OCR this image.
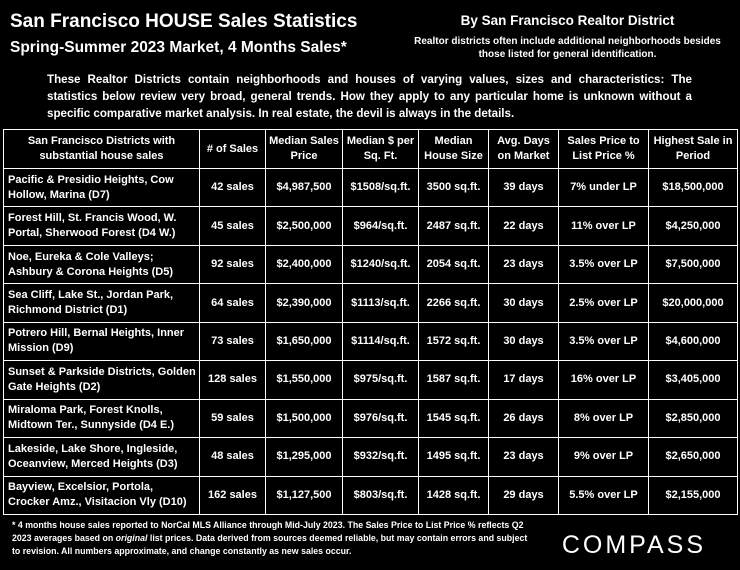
San Francisco HOUSE Sales Statistics
Spring-Summer 2023 Market, 4 Months Sales*
By San Francisco Realtor District
Realtor districts often include additional neighborhoods besides those listed for general identification.
These Realtor Districts contain neighborhoods and houses of varying values, sizes and characteristics: The statistics below review very broad, general trends. How they apply to any particular home is unknown without a specific comparative market analysis. In real estate, the devil is always in the details.
San Francisco Districts with substantial house sales	# of Sales	Median Sales Price	Median $ per Sq. Ft.	Median House Size	Avg. Days on Market	Sales Price to List Price %	Highest Sale in Period
Pacific & Presidio Heights, Cow Hollow, Marina (D7)	42 sales	$4,987,500	$1508/sq.ft.	3500 sq.ft.	39 days	7% under LP	$18,500,000
Forest Hill, St. Francis Wood, W. Portal, Sherwood Forest (D4 W.)	45 sales	$2,500,000	$964/sq.ft.	2487 sq.ft.	22 days	11% over LP	$4,250,000
Noe, Eureka & Cole Valleys; Ashbury & Corona Heights (D5)	92 sales	$2,400,000	$1240/sq.ft.	2054 sq.ft.	23 days	3.5% over LP	$7,500,000
Sea Cliff, Lake St., Jordan Park, Richmond District (D1)	64 sales	$2,390,000	$1113/sq.ft.	2266 sq.ft.	30 days	2.5% over LP	$20,000,000
Potrero Hill, Bernal Heights, Inner Mission (D9)	73 sales	$1,650,000	$1114/sq.ft.	1572 sq.ft.	30 days	3.5% over LP	$4,600,000
Sunset & Parkside Districts, Golden Gate Heights (D2)	128 sales	$1,550,000	$975/sq.ft.	1587 sq.ft.	17 days	16% over LP	$3,405,000
Miraloma Park, Forest Knolls, Midtown Ter., Sunnyside (D4 E.)	59 sales	$1,500,000	$976/sq.ft.	1545 sq.ft.	26 days	8% over LP	$2,850,000
Lakeside, Lake Shore, Ingleside, Oceanview, Merced Heights (D3)	48 sales	$1,295,000	$932/sq.ft.	1495 sq.ft.	23 days	9% over LP	$2,650,000
Bayview, Excelsior, Portola, Crocker Amz., Visitacion Vly (D10)	162 sales	$1,127,500	$803/sq.ft.	1428 sq.ft.	29 days	5.5% over LP	$2,155,000
* 4 months house sales reported to NorCal MLS Alliance through Mid-July 2023. The Sales Price to List Price % reflects Q2 2023 averages based on original list prices. Data derived from sources deemed reliable, but may contain errors and subject to revision. All numbers approximate, and change constantly as new sales occur.	COMPASS
